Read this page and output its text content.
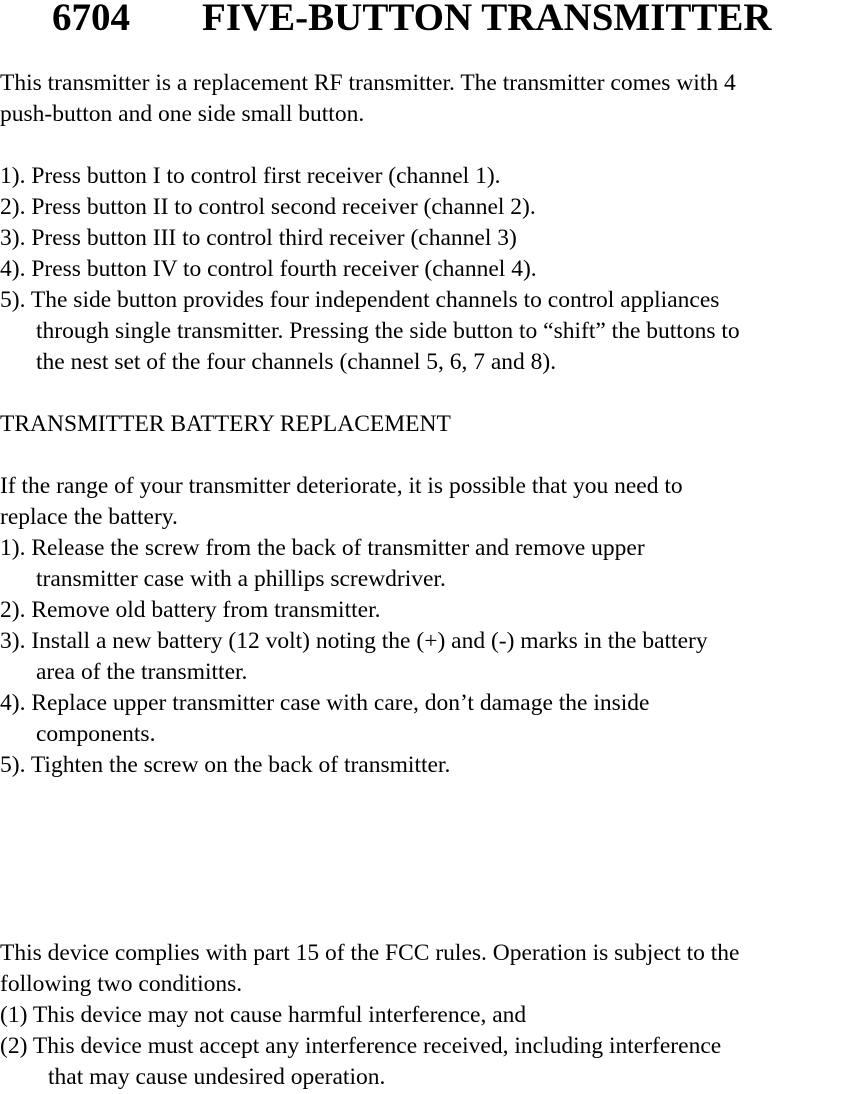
6704 FIVE-BUTTON TRANSMITTER
This transmitter is a replacement RF transmitter. The transmitter comes with 4
push-button and one side small button.
1). Press button I to control first receiver (channel 1).
2). Press button II to control second receiver (channel 2).
3). Press button III to control third receiver (channel 3)
4). Press button IV to control fourth receiver (channel 4).
5). The side button provides four independent channels to control appliances
through single transmitter. Pressing the side button to “shift” the buttons to
the nest set of the four channels (channel 5, 6, 7 and 8).
TRANSMITTER BATTERY REPLACEMENT
If the range of your transmitter deteriorate, it is possible that you need to
replace the battery.
1). Release the screw from the back of transmitter and remove upper
transmitter case with a phillips screwdriver.
2). Remove old battery from transmitter.
3). Install a new battery (12 volt) noting the (+) and (-) marks in the battery
area of the transmitter.
4). Replace upper transmitter case with care, don’t damage the inside
components.
5). Tighten the screw on the back of transmitter.
This device complies with part 15 of the FCC rules. Operation is subject to the
following two conditions.
(1) This device may not cause harmful interference, and
(2) This device must accept any interference received, including interference
that may cause undesired operation.
